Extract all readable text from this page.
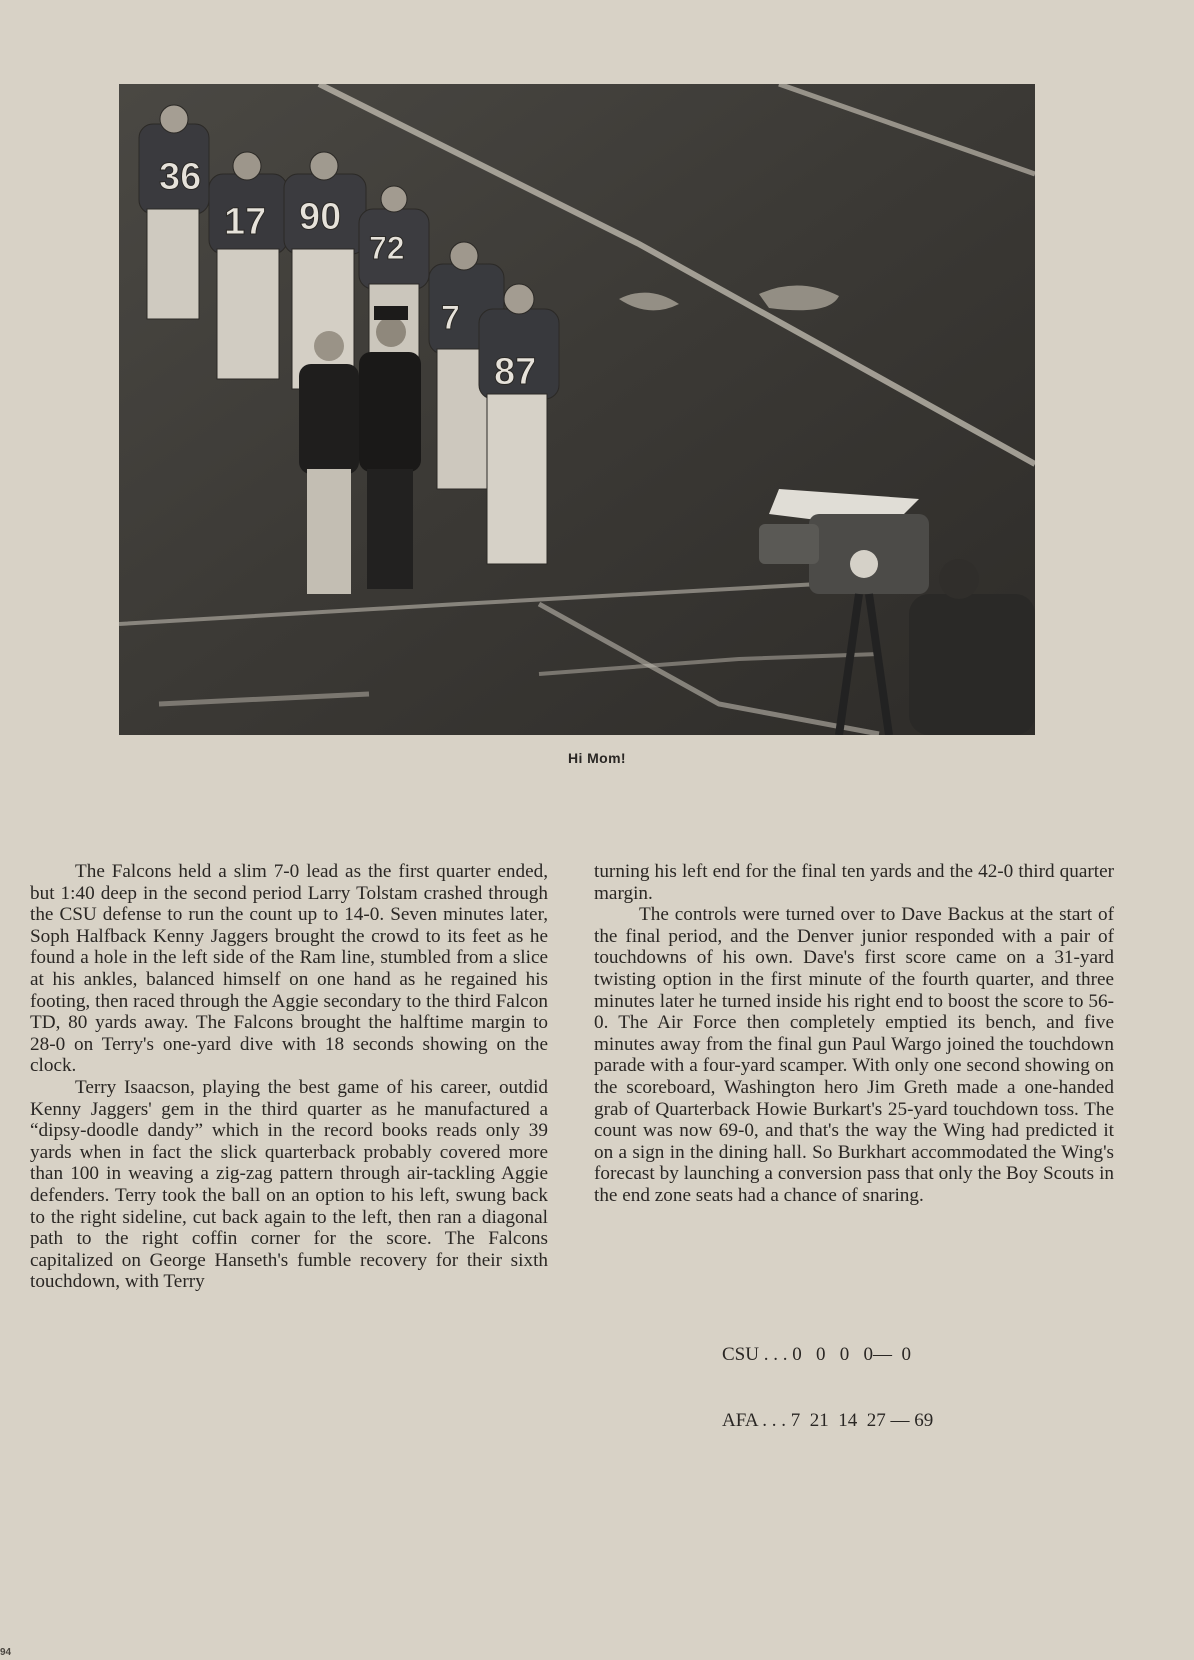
36
17 90
72
7
87
Hi Mom!

The Falcons held a slim 7-0 lead as the first quarter ended, but 1:40 deep in the second period Larry Tolstam crashed through the CSU defense to run the count up to 14-0. Seven minutes later, Soph Halfback Kenny Jaggers brought the crowd to its feet as he found a hole in the left side of the Ram line, stumbled from a slice at his ankles, balanced himself on one hand as he regained his footing, then raced through the Aggie secondary to the third Falcon TD, 80 yards away. The Falcons brought the halftime margin to 28-0 on Terry's one-yard dive with 18 seconds showing on the clock.

Terry Isaacson, playing the best game of his career, outdid Kenny Jaggers' gem in the third quarter as he manufactured a “dipsy-doodle dandy” which in the record books reads only 39 yards when in fact the slick quarterback probably covered more than 100 in weaving a zig-zag pattern through air-tackling Aggie defenders. Terry took the ball on an option to his left, swung back to the right sideline, cut back again to the left, then ran a diagonal path to the right coffin corner for the score. The Falcons capitalized on George Hanseth's fumble recovery for their sixth touchdown, with Terry

turning his left end for the final ten yards and the 42-0 third quarter margin.

The controls were turned over to Dave Backus at the start of the final period, and the Denver junior responded with a pair of touchdowns of his own. Dave's first score came on a 31-yard twisting option in the first minute of the fourth quarter, and three minutes later he turned inside his right end to boost the score to 56-0. The Air Force then completely emptied its bench, and five minutes away from the final gun Paul Wargo joined the touchdown parade with a four-yard scamper. With only one second showing on the scoreboard, Washington hero Jim Greth made a one-handed grab of Quarterback Howie Burkart's 25-yard touchdown toss. The count was now 69-0, and that's the way the Wing had predicted it on a sign in the dining hall. So Burkhart accommodated the Wing's forecast by launching a conversion pass that only the Boy Scouts in the end zone seats had a chance of snaring.

CSU . . . 0   0   0   0—  0

AFA . . . 7  21  14  27 — 69

94
